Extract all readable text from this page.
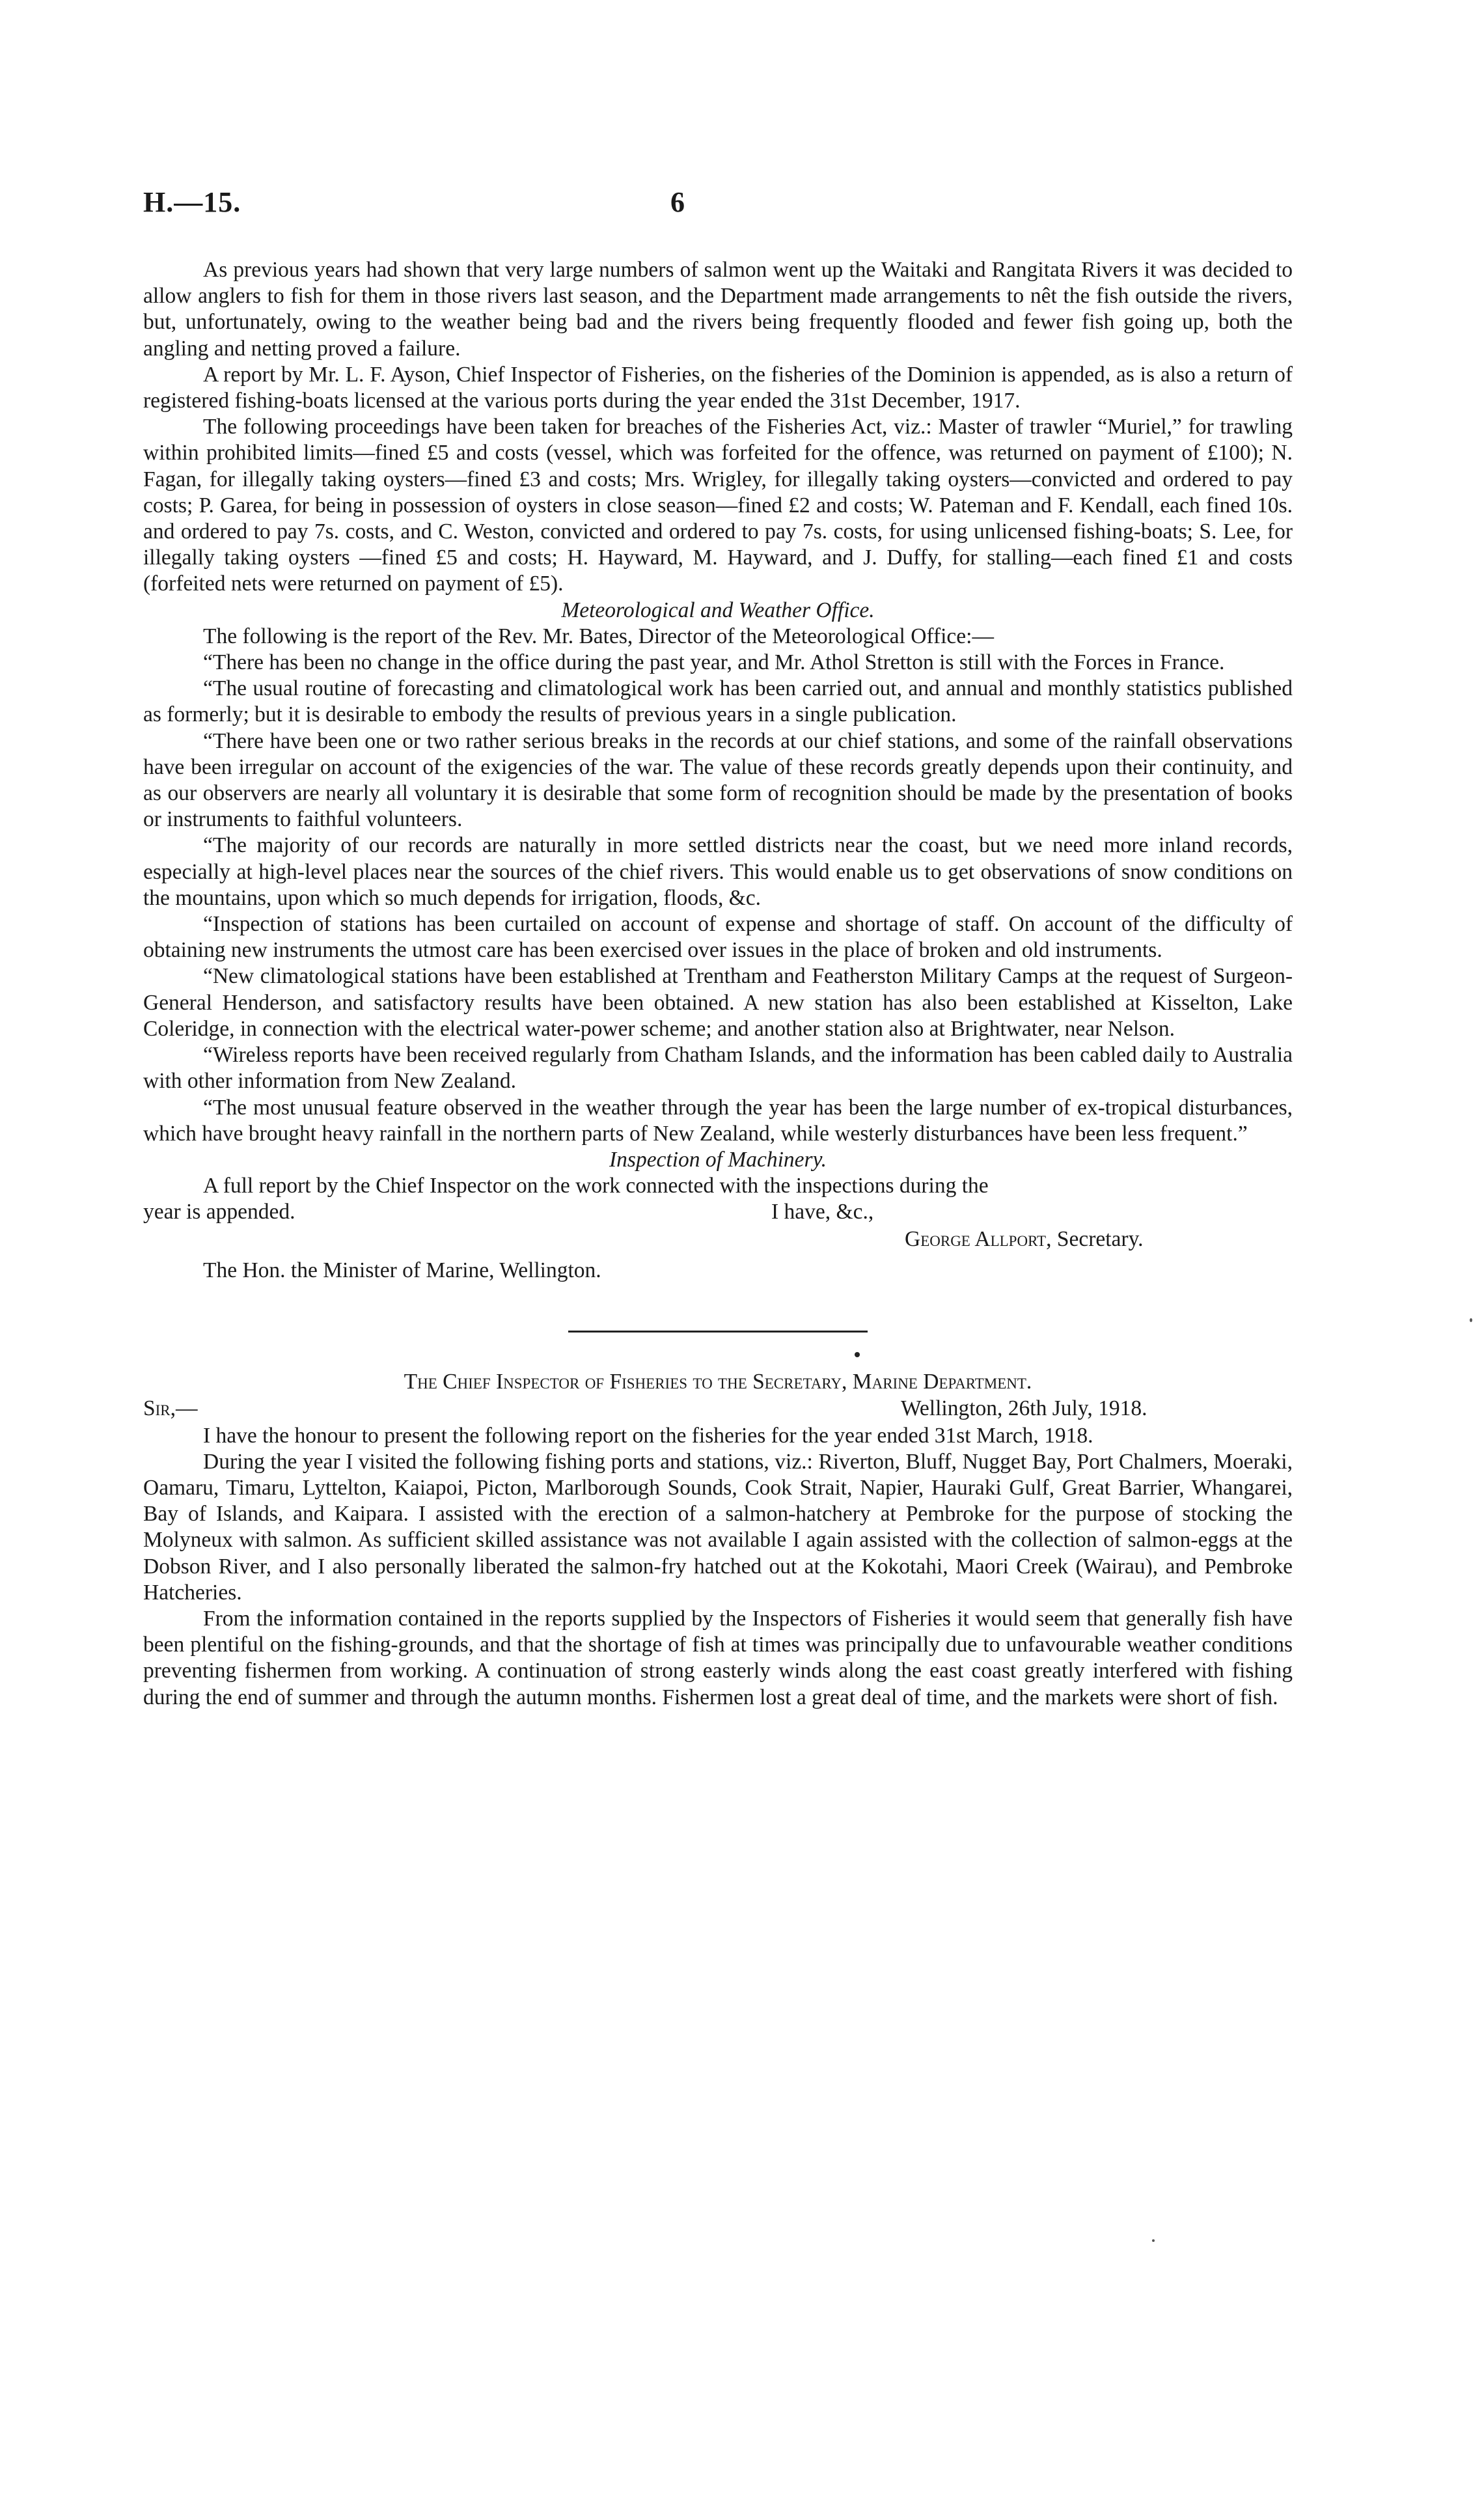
H.—15.	6

As previous years had shown that very large numbers of salmon went up the Waitaki and Rangitata Rivers it was decided to allow anglers to fish for them in those rivers last season, and the Department made arrangements to nêt the fish outside the rivers, but, unfortunately, owing to the weather being bad and the rivers being frequently flooded and fewer fish going up, both the angling and netting proved a failure.

A report by Mr. L. F. Ayson, Chief Inspector of Fisheries, on the fisheries of the Dominion is appended, as is also a return of registered fishing-boats licensed at the various ports during the year ended the 31st December, 1917.

The following proceedings have been taken for breaches of the Fisheries Act, viz.: Master of trawler “Muriel,” for trawling within prohibited limits—fined £5 and costs (vessel, which was forfeited for the offence, was returned on payment of £100); N. Fagan, for illegally taking oysters—fined £3 and costs; Mrs. Wrigley, for illegally taking oysters—convicted and ordered to pay costs; P. Garea, for being in possession of oysters in close season—fined £2 and costs; W. Pateman and F. Kendall, each fined 10s. and ordered to pay 7s. costs, and C. Weston, convicted and ordered to pay 7s. costs, for using unlicensed fishing-boats; S. Lee, for illegally taking oysters —fined £5 and costs; H. Hayward, M. Hayward, and J. Duffy, for stalling—each fined £1 and costs (forfeited nets were returned on payment of £5).

Meteorological and Weather Office.

The following is the report of the Rev. Mr. Bates, Director of the Meteorological Office:—

“There has been no change in the office during the past year, and Mr. Athol Stretton is still with the Forces in France.

“The usual routine of forecasting and climatological work has been carried out, and annual and monthly statistics published as formerly; but it is desirable to embody the results of previous years in a single publication.

“There have been one or two rather serious breaks in the records at our chief stations, and some of the rainfall observations have been irregular on account of the exigencies of the war. The value of these records greatly depends upon their continuity, and as our observers are nearly all voluntary it is desirable that some form of recognition should be made by the presentation of books or instruments to faithful volunteers.

“The majority of our records are naturally in more settled districts near the coast, but we need more inland records, especially at high-level places near the sources of the chief rivers. This would enable us to get observations of snow conditions on the mountains, upon which so much depends for irrigation, floods, &c.

“Inspection of stations has been curtailed on account of expense and shortage of staff. On account of the difficulty of obtaining new instruments the utmost care has been exercised over issues in the place of broken and old instruments.

“New climatological stations have been established at Trentham and Featherston Military Camps at the request of Surgeon-General Henderson, and satisfactory results have been obtained. A new station has also been established at Kisselton, Lake Coleridge, in connection with the electrical water-power scheme; and another station also at Brightwater, near Nelson.

“Wireless reports have been received regularly from Chatham Islands, and the information has been cabled daily to Australia with other information from New Zealand.

“The most unusual feature observed in the weather through the year has been the large number of ex-tropical disturbances, which have brought heavy rainfall in the northern parts of New Zealand, while westerly disturbances have been less frequent.”

Inspection of Machinery.

A full report by the Chief Inspector on the work connected with the inspections during the

year is appended.	I have, &c.,
George Allport, Secretary.
The Hon. the Minister of Marine, Wellington.

The Chief Inspector of Fisheries to the Secretary, Marine Department.

Sir,—	Wellington, 26th July, 1918.

I have the honour to present the following report on the fisheries for the year ended 31st March, 1918.

During the year I visited the following fishing ports and stations, viz.: Riverton, Bluff, Nugget Bay, Port Chalmers, Moeraki, Oamaru, Timaru, Lyttelton, Kaiapoi, Picton, Marlborough Sounds, Cook Strait, Napier, Hauraki Gulf, Great Barrier, Whangarei, Bay of Islands, and Kaipara. I assisted with the erection of a salmon-hatchery at Pembroke for the purpose of stocking the Molyneux with salmon. As sufficient skilled assistance was not available I again assisted with the collection of salmon-eggs at the Dobson River, and I also personally liberated the salmon-fry hatched out at the Kokotahi, Maori Creek (Wairau), and Pembroke Hatcheries.

From the information contained in the reports supplied by the Inspectors of Fisheries it would seem that generally fish have been plentiful on the fishing-grounds, and that the shortage of fish at times was principally due to unfavourable weather conditions preventing fishermen from working. A continuation of strong easterly winds along the east coast greatly interfered with fishing during the end of summer and through the autumn months. Fishermen lost a great deal of time, and the markets were short of fish.
